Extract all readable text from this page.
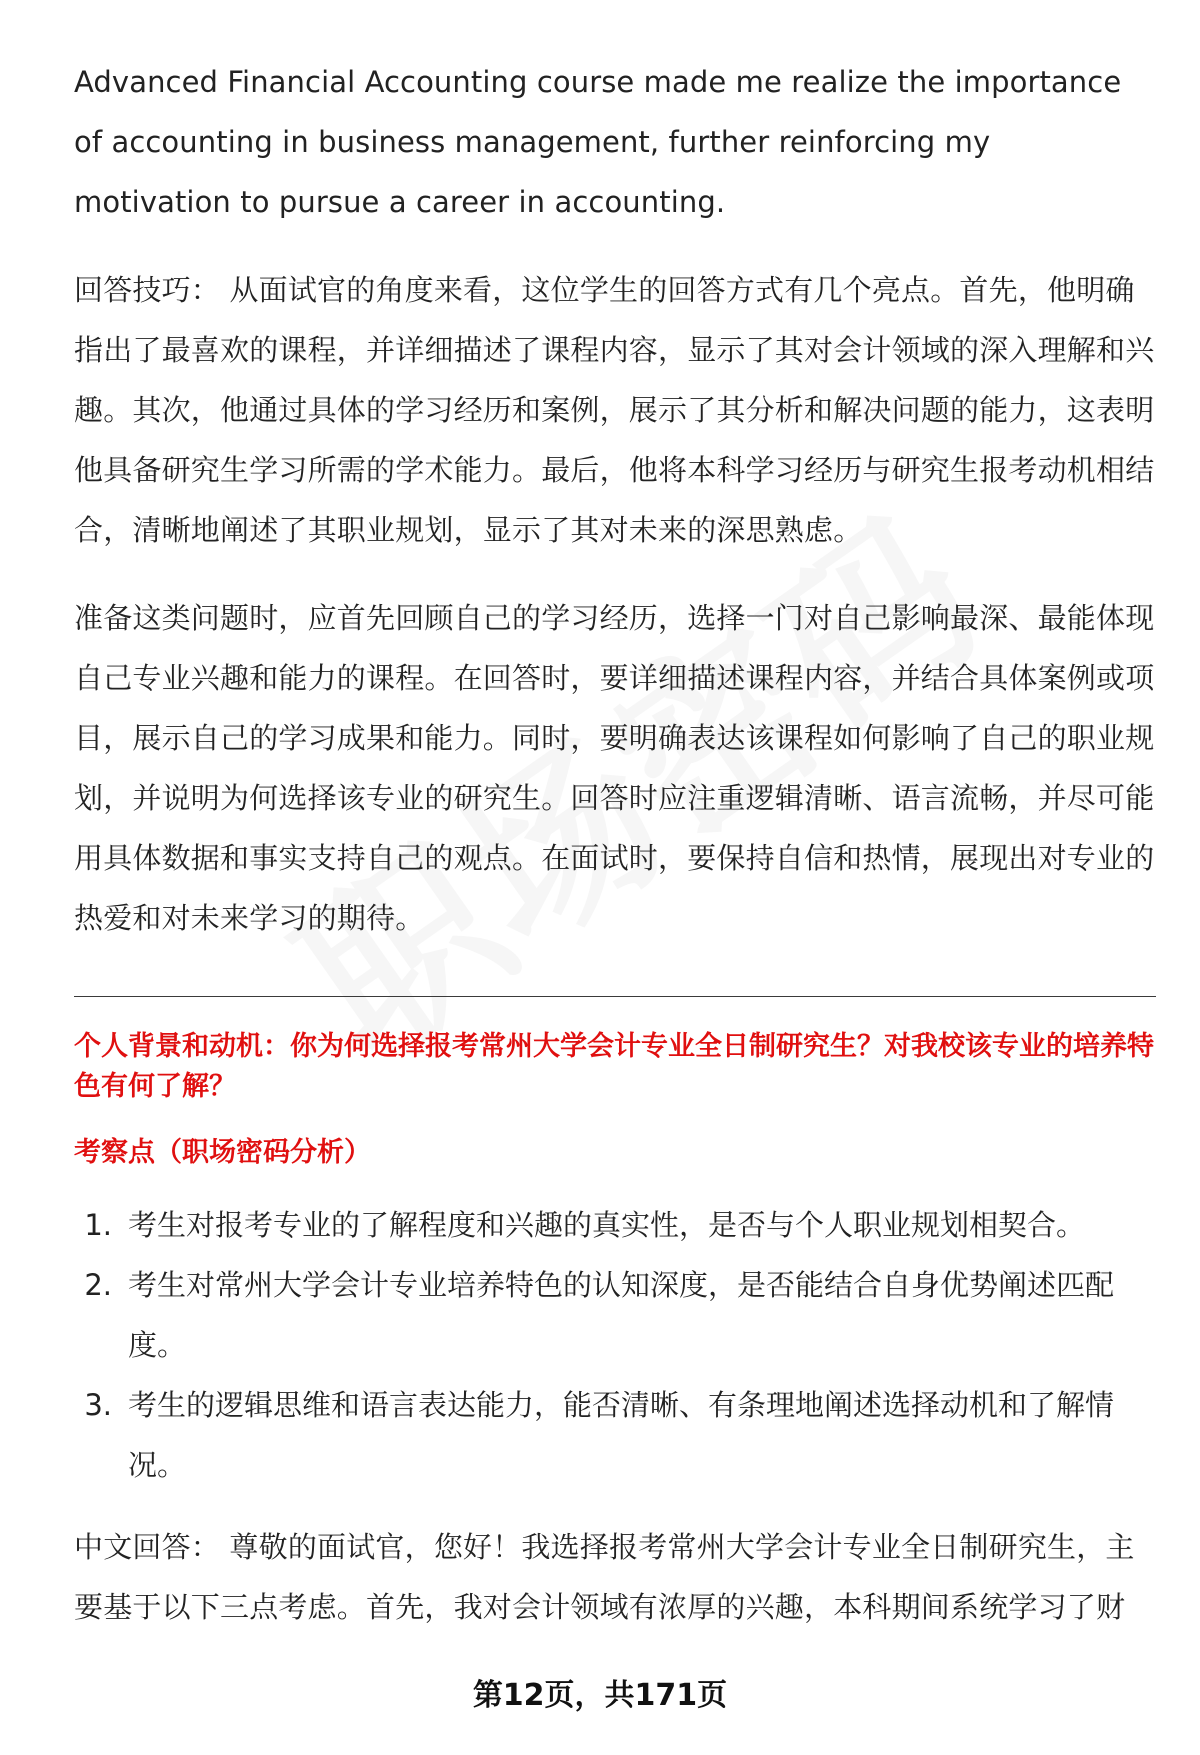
Advanced Financial Accounting course made me realize the importance of accounting in business management, further reinforcing my motivation to pursue a career in accounting.

回答技巧： 从面试官的角度来看，这位学生的回答方式有几个亮点。首先，他明确指出了最喜欢的课程，并详细描述了课程内容，显示了其对会计领域的深入理解和兴趣。其次，他通过具体的学习经历和案例，展示了其分析和解决问题的能力，这表明他具备研究生学习所需的学术能力。最后，他将本科学习经历与研究生报考动机相结合，清晰地阐述了其职业规划，显示了其对未来的深思熟虑。

准备这类问题时，应首先回顾自己的学习经历，选择一门对自己影响最深、最能体现自己专业兴趣和能力的课程。在回答时，要详细描述课程内容，并结合具体案例或项目，展示自己的学习成果和能力。同时，要明确表达该课程如何影响了自己的职业规划，并说明为何选择该专业的研究生。回答时应注重逻辑清晰、语言流畅，并尽可能用具体数据和事实支持自己的观点。在面试时，要保持自信和热情，展现出对专业的热爱和对未来学习的期待。

个人背景和动机：你为何选择报考常州大学会计专业全日制研究生？对我校该专业的培养特色有何了解？

考察点（职场密码分析）

1. 考生对报考专业的了解程度和兴趣的真实性，是否与个人职业规划相契合。
2. 考生对常州大学会计专业培养特色的认知深度，是否能结合自身优势阐述匹配度。
3. 考生的逻辑思维和语言表达能力，能否清晰、有条理地阐述选择动机和了解情况。

中文回答： 尊敬的面试官，您好！我选择报考常州大学会计专业全日制研究生，主要基于以下三点考虑。首先，我对会计领域有浓厚的兴趣，本科期间系统学习了财

第12页，共171页
